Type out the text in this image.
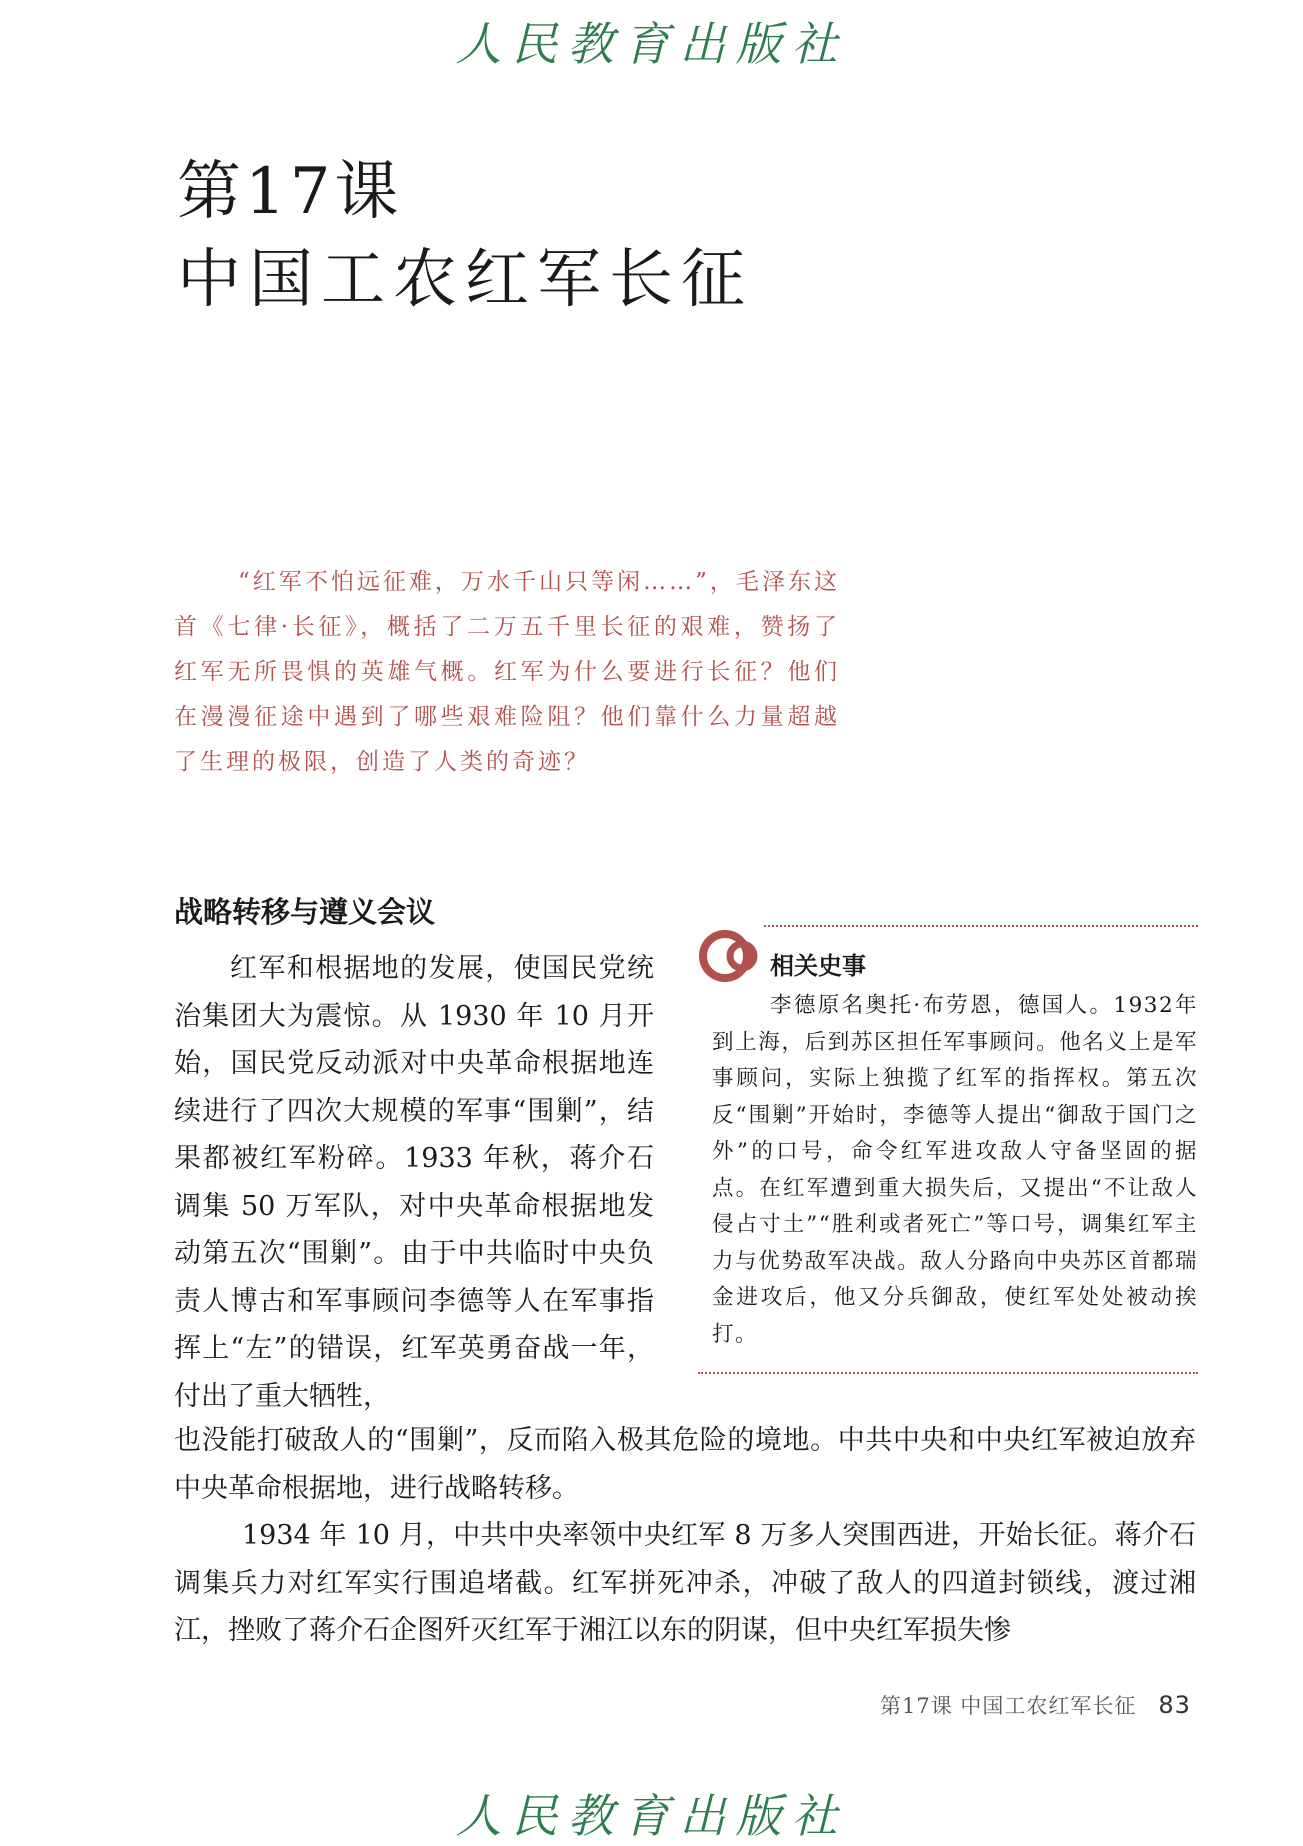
人民教育出版社
第17课
中国工农红军长征
“红军不怕远征难，万水千山只等闲……”，毛泽东这首《七律·长征》，概括了二万五千里长征的艰难，赞扬了红军无所畏惧的英雄气概。红军为什么要进行长征？他们在漫漫征途中遇到了哪些艰难险阻？他们靠什么力量超越了生理的极限，创造了人类的奇迹？
战略转移与遵义会议
红军和根据地的发展，使国民党统治集团大为震惊。从 1930 年 10 月开始，国民党反动派对中央革命根据地连续进行了四次大规模的军事“围剿”，结果都被红军粉碎。1933 年秋，蒋介石调集 50 万军队，对中央革命根据地发动第五次“围剿”。由于中共临时中央负责人博古和军事顾问李德等人在军事指挥上“左”的错误，红军英勇奋战一年，付出了重大牺牲，
相关史事
李德原名奥托·布劳恩，德国人。1932年到上海，后到苏区担任军事顾问。他名义上是军事顾问，实际上独揽了红军的指挥权。第五次反“围剿”开始时，李德等人提出“御敌于国门之外”的口号，命令红军进攻敌人守备坚固的据点。在红军遭到重大损失后，又提出“不让敌人侵占寸土”“胜利或者死亡”等口号，调集红军主力与优势敌军决战。敌人分路向中央苏区首都瑞金进攻后，他又分兵御敌，使红军处处被动挨打。
也没能打破敌人的“围剿”，反而陷入极其危险的境地。中共中央和中央红军被迫放弃中央革命根据地，进行战略转移。
1934 年 10 月，中共中央率领中央红军 8 万多人突围西进，开始长征。蒋介石调集兵力对红军实行围追堵截。红军拼死冲杀，冲破了敌人的四道封锁线，渡过湘江，挫败了蒋介石企图歼灭红军于湘江以东的阴谋，但中央红军损失惨
第17课 中国工农红军长征 83
人民教育出版社
